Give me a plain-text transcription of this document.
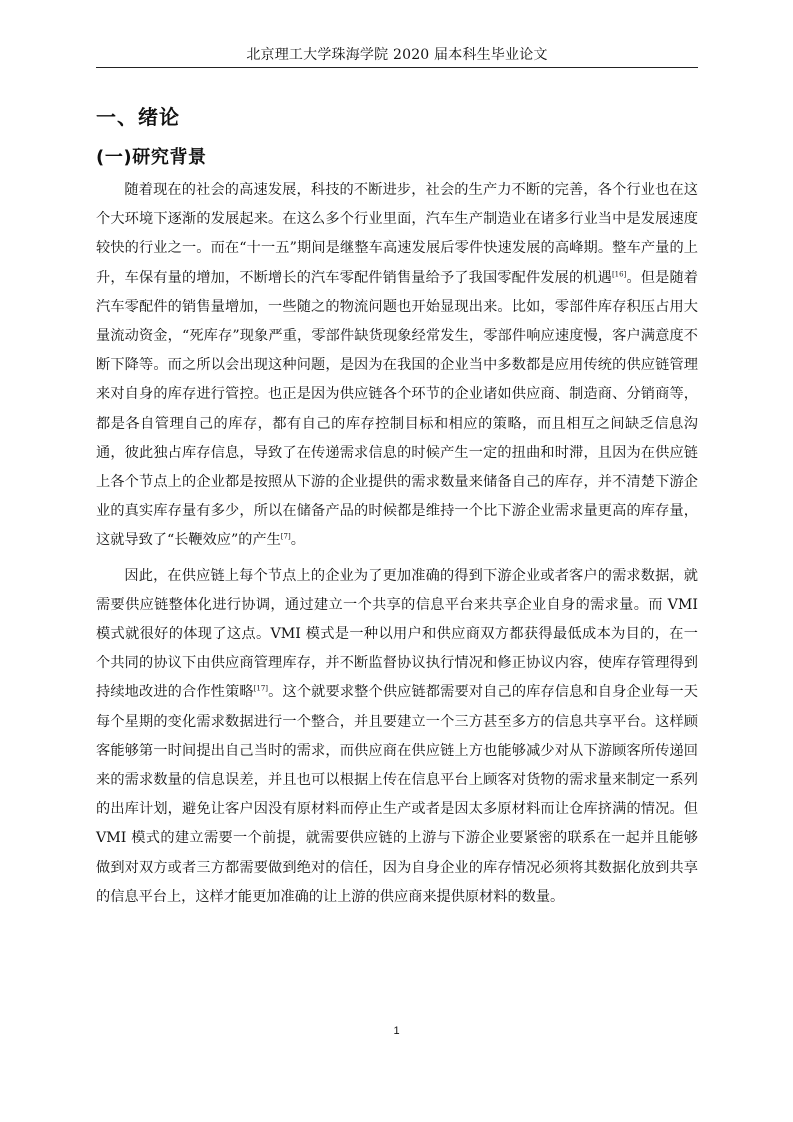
北京理工大学珠海学院 2020 届本科生毕业论文
一、绪论
(一)研究背景

随着现在的社会的高速发展，科技的不断进步，社会的生产力不断的完善，各个行业也在这个大环境下逐渐的发展起来。在这么多个行业里面，汽车生产制造业在诸多行业当中是发展速度较快的行业之一。而在“十一五”期间是继整车高速发展后零件快速发展的高峰期。整车产量的上升，车保有量的增加，不断增长的汽车零配件销售量给予了我国零配件发展的机遇[16]。但是随着汽车零配件的销售量增加，一些随之的物流问题也开始显现出来。比如，零部件库存积压占用大量流动资金，“死库存”现象严重，零部件缺货现象经常发生，零部件响应速度慢，客户满意度不断下降等。而之所以会出现这种问题，是因为在我国的企业当中多数都是应用传统的供应链管理来对自身的库存进行管控。也正是因为供应链各个环节的企业诸如供应商、制造商、分销商等，都是各自管理自己的库存，都有自己的库存控制目标和相应的策略，而且相互之间缺乏信息沟通，彼此独占库存信息，导致了在传递需求信息的时候产生一定的扭曲和时滞，且因为在供应链上各个节点上的企业都是按照从下游的企业提供的需求数量来储备自己的库存，并不清楚下游企业的真实库存量有多少，所以在储备产品的时候都是维持一个比下游企业需求量更高的库存量，这就导致了“长鞭效应”的产生[7]。

因此，在供应链上每个节点上的企业为了更加准确的得到下游企业或者客户的需求数据，就需要供应链整体化进行协调，通过建立一个共享的信息平台来共享企业自身的需求量。而 VMI 模式就很好的体现了这点。VMI 模式是一种以用户和供应商双方都获得最低成本为目的，在一个共同的协议下由供应商管理库存，并不断监督协议执行情况和修正协议内容，使库存管理得到持续地改进的合作性策略[17]。这个就要求整个供应链都需要对自己的库存信息和自身企业每一天每个星期的变化需求数据进行一个整合，并且要建立一个三方甚至多方的信息共享平台。这样顾客能够第一时间提出自己当时的需求，而供应商在供应链上方也能够减少对从下游顾客所传递回来的需求数量的信息误差，并且也可以根据上传在信息平台上顾客对货物的需求量来制定一系列的出库计划，避免让客户因没有原材料而停止生产或者是因太多原材料而让仓库挤满的情况。但 VMI 模式的建立需要一个前提，就需要供应链的上游与下游企业要紧密的联系在一起并且能够做到对双方或者三方都需要做到绝对的信任，因为自身企业的库存情况必须将其数据化放到共享的信息平台上，这样才能更加准确的让上游的供应商来提供原材料的数量。

1
